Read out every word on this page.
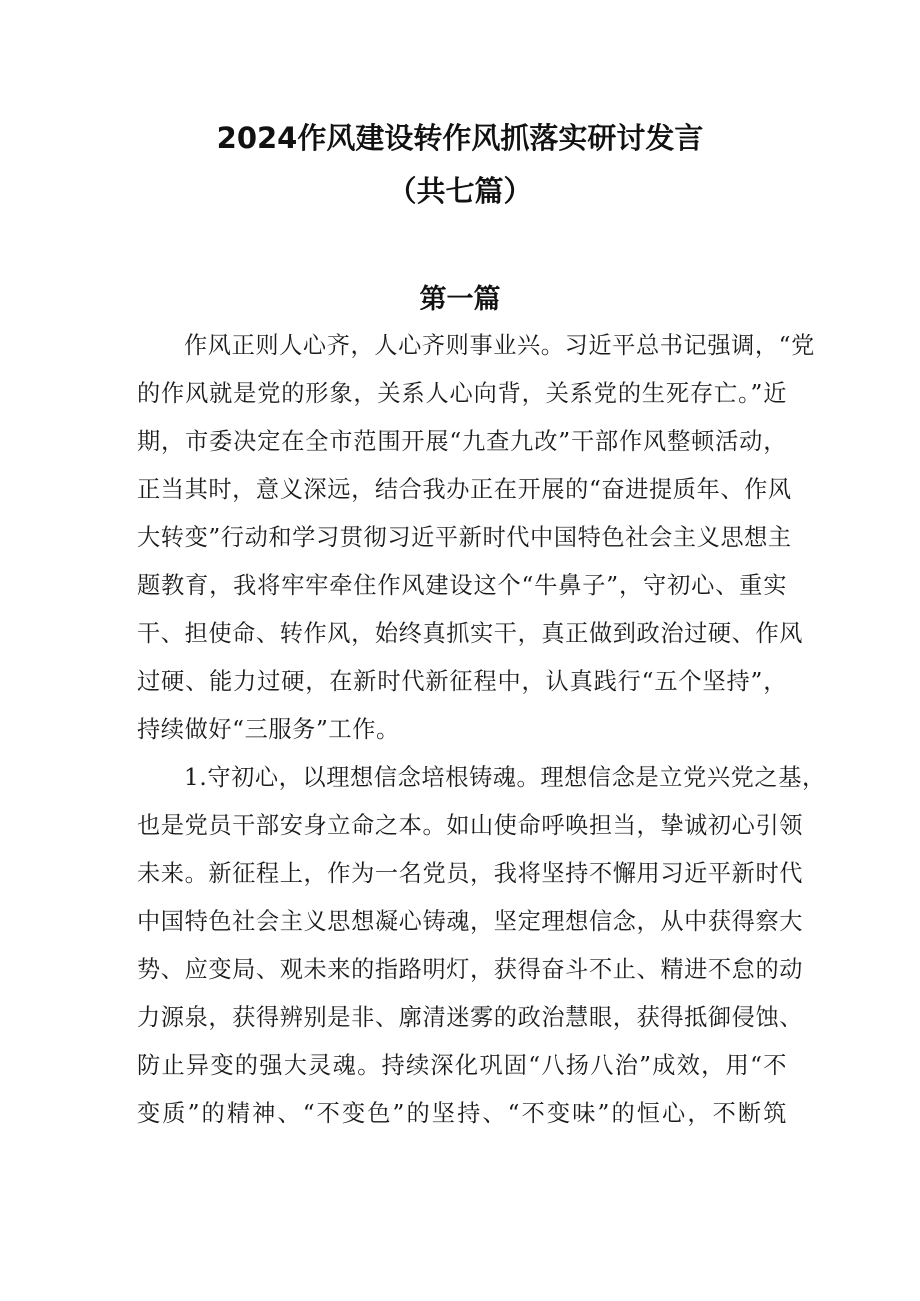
2024作风建设转作风抓落实研讨发言
（共七篇）
第一篇
作风正则人心齐，人心齐则事业兴。习近平总书记强调，“党
的作风就是党的形象，关系人心向背，关系党的生死存亡。”近
期，市委决定在全市范围开展“九查九改”干部作风整顿活动，
正当其时，意义深远，结合我办正在开展的“奋进提质年、作风
大转变”行动和学习贯彻习近平新时代中国特色社会主义思想主
题教育，我将牢牢牵住作风建设这个“牛鼻子”，守初心、重实
干、担使命、转作风，始终真抓实干，真正做到政治过硬、作风
过硬、能力过硬，在新时代新征程中，认真践行“五个坚持”，
持续做好“三服务”工作。
1.守初心，以理想信念培根铸魂。理想信念是立党兴党之基，
也是党员干部安身立命之本。如山使命呼唤担当，挚诚初心引领
未来。新征程上，作为一名党员，我将坚持不懈用习近平新时代
中国特色社会主义思想凝心铸魂，坚定理想信念，从中获得察大
势、应变局、观未来的指路明灯，获得奋斗不止、精进不怠的动
力源泉，获得辨别是非、廓清迷雾的政治慧眼，获得抵御侵蚀、
防止异变的强大灵魂。持续深化巩固“八扬八治”成效，用“不
变质”的精神、“不变色”的坚持、“不变味”的恒心，不断筑
